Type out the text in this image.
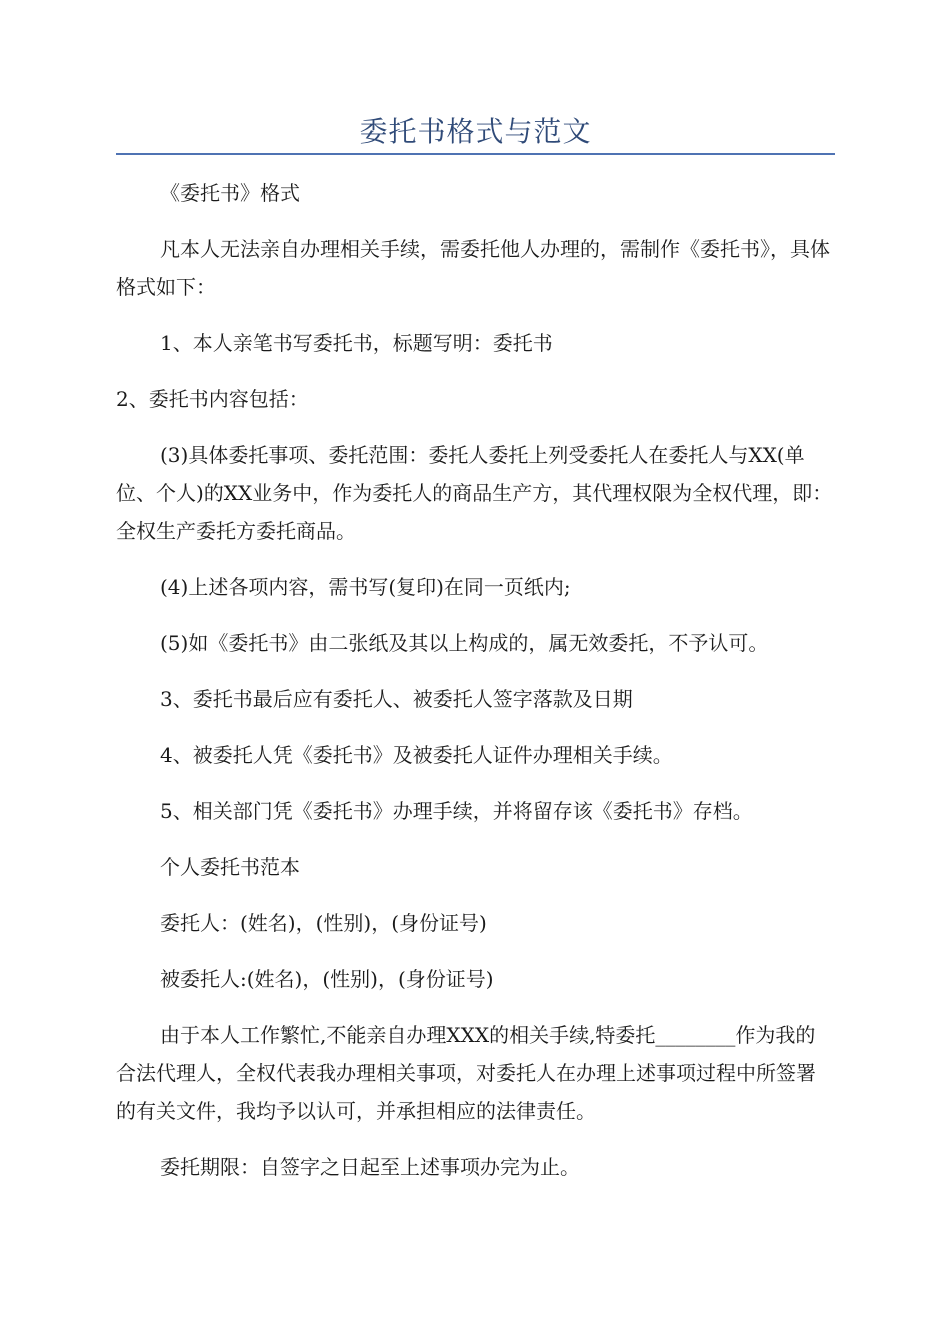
委托书格式与范文

《委托书》格式

凡本人无法亲自办理相关手续，需委托他人办理的，需制作《委托书》，具体格式如下：

1、本人亲笔书写委托书，标题写明：委托书

2、委托书内容包括：

(3)具体委托事项、委托范围：委托人委托上列受委托人在委托人与XX(单位、个人)的XX业务中，作为委托人的商品生产方，其代理权限为全权代理，即：全权生产委托方委托商品。

(4)上述各项内容，需书写(复印)在同一页纸内;

(5)如《委托书》由二张纸及其以上构成的，属无效委托，不予认可。

3、委托书最后应有委托人、被委托人签字落款及日期

4、被委托人凭《委托书》及被委托人证件办理相关手续。

5、相关部门凭《委托书》办理手续，并将留存该《委托书》存档。

个人委托书范本

委托人：(姓名)，(性别)，(身份证号)

被委托人:(姓名)，(性别)，(身份证号)

由于本人工作繁忙,不能亲自办理XXX的相关手续,特委托________作为我的合法代理人，全权代表我办理相关事项，对委托人在办理上述事项过程中所签署的有关文件，我均予以认可，并承担相应的法律责任。

委托期限：自签字之日起至上述事项办完为止。
